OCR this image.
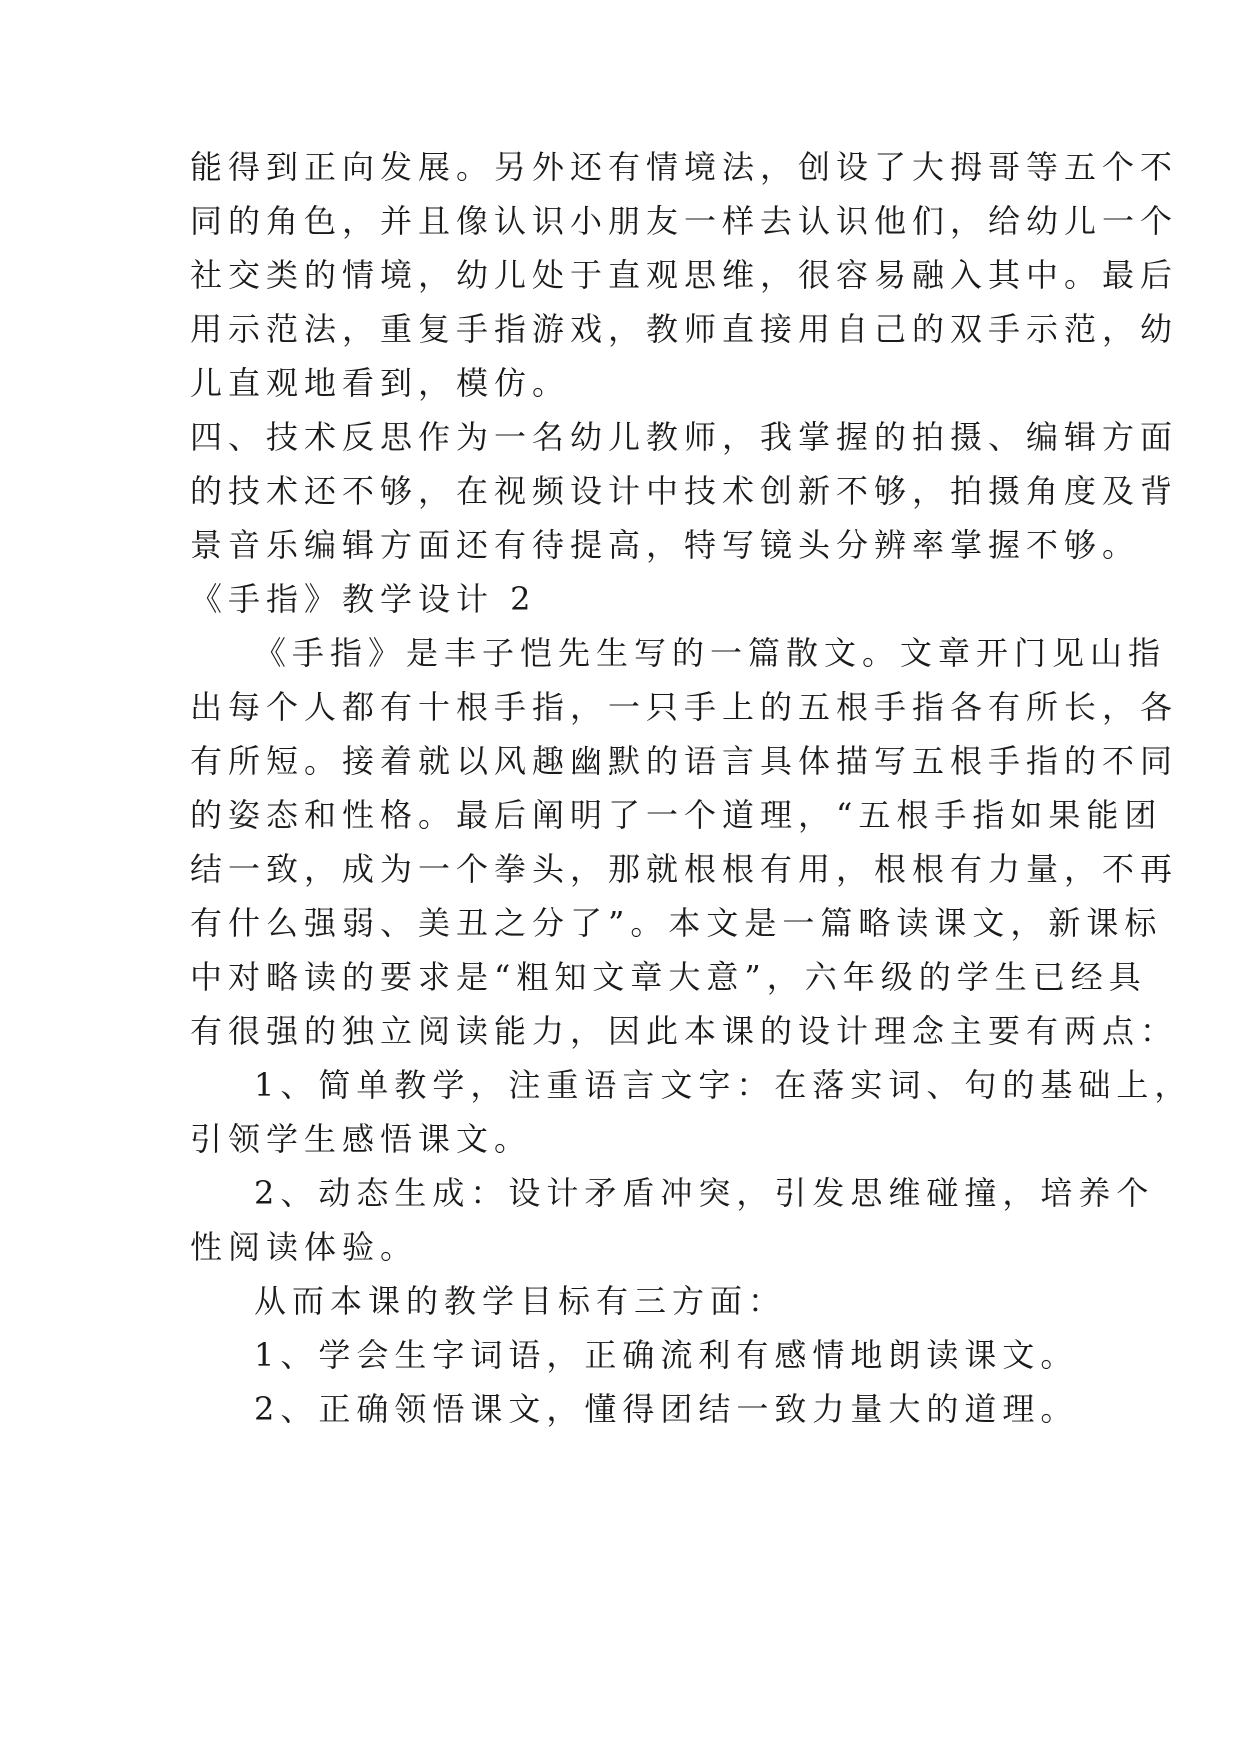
能得到正向发展。另外还有情境法，创设了大拇哥等五个不
同的角色，并且像认识小朋友一样去认识他们，给幼儿一个
社交类的情境，幼儿处于直观思维，很容易融入其中。最后
用示范法，重复手指游戏，教师直接用自己的双手示范，幼
儿直观地看到，模仿。
四、技术反思作为一名幼儿教师，我掌握的拍摄、编辑方面
的技术还不够，在视频设计中技术创新不够，拍摄角度及背
景音乐编辑方面还有待提高，特写镜头分辨率掌握不够。
《手指》教学设计 2
《手指》是丰子恺先生写的一篇散文。文章开门见山指
出每个人都有十根手指，一只手上的五根手指各有所长，各
有所短。接着就以风趣幽默的语言具体描写五根手指的不同
的姿态和性格。最后阐明了一个道理，“五根手指如果能团
结一致，成为一个拳头，那就根根有用，根根有力量，不再
有什么强弱、美丑之分了”。本文是一篇略读课文，新课标
中对略读的要求是“粗知文章大意”，六年级的学生已经具
有很强的独立阅读能力，因此本课的设计理念主要有两点：
1、简单教学，注重语言文字：在落实词、句的基础上，
引领学生感悟课文。
2、动态生成：设计矛盾冲突，引发思维碰撞，培养个
性阅读体验。
从而本课的教学目标有三方面：
1、学会生字词语，正确流利有感情地朗读课文。
2、正确领悟课文，懂得团结一致力量大的道理。
